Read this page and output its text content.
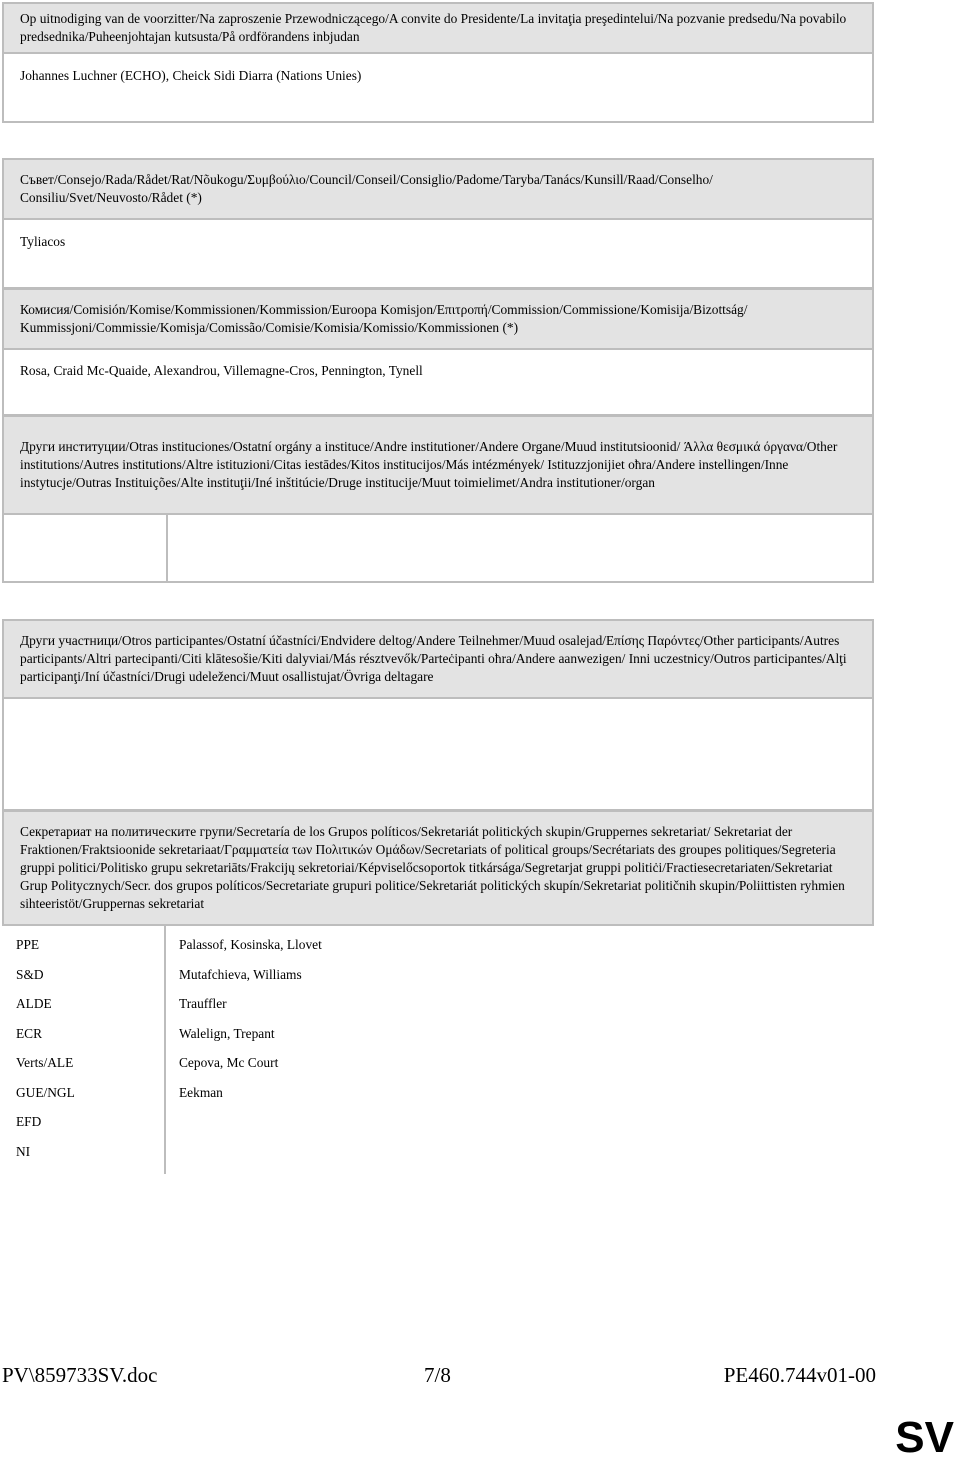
Op uitnodiging van de voorzitter/Na zaproszenie Przewodniczącego/A convite do Presidente/La invitaţia preşedintelui/Na pozvanie predsedu/Na povabilo predsednika/Puheenjohtajan kutsusta/På ordförandens inbjudan
Johannes Luchner (ECHO), Cheick Sidi Diarra (Nations Unies)
Съвет/Consejo/Rada/Rådet/Rat/Nõukogu/Συμβούλιο/Council/Conseil/Consiglio/Padome/Taryba/Tanács/Kunsill/Raad/Conselho/ Consiliu/Svet/Neuvosto/Rådet (*)
Tyliacos
Комисия/Comisión/Komise/Kommissionen/Kommission/Euroopa Komisjon/Επιτροπή/Commission/Commissione/Komisija/Bizottság/ Kummissjoni/Commissie/Komisja/Comissão/Comisie/Komisia/Komissio/Kommissionen (*)
Rosa, Craid Mc-Quaide, Alexandrou, Villemagne-Cros, Pennington, Tynell
Други институции/Otras instituciones/Ostatní orgány a instituce/Andre institutioner/Andere Organe/Muud institutsioonid/ Άλλα θεσμικά όργανα/Other institutions/Autres institutions/Altre istituzioni/Citas iestādes/Kitos institucijos/Más intézmények/ Istituzzjonijiet oħra/Andere instellingen/Inne instytucje/Outras Instituições/Alte instituţii/Iné inštitúcie/Druge institucije/Muut toimielimet/Andra institutioner/organ
Други участници/Otros participantes/Ostatní účastníci/Endvidere deltog/Andere Teilnehmer/Muud osalejad/Επίσης Παρόντες/Other participants/Autres participants/Altri partecipanti/Citi klātesošie/Kiti dalyviai/Más résztvevők/Parteċipanti oħra/Andere aanwezigen/ Inni uczestnicy/Outros participantes/Alţi participanţi/Iní účastníci/Drugi udeleženci/Muut osallistujat/Övriga deltagare
Секретариат на политическите групи/Secretaría de los Grupos políticos/Sekretariát politických skupin/Gruppernes sekretariat/ Sekretariat der Fraktionen/Fraktsioonide sekretariaat/Γραμματεία των Πολιτικών Ομάδων/Secretariats of political groups/Secrétariats des groupes politiques/Segreteria gruppi politici/Politisko grupu sekretariāts/Frakcijų sekretoriai/Képviselőcsoportok titkársága/Segretarjat gruppi politiċi/Fractiesecretariaten/Sekretariat Grup Politycznych/Secr. dos grupos políticos/Secretariate grupuri politice/Sekretariát politických skupín/Sekretariat političnih skupin/Poliittisten ryhmien sihteeristöt/Gruppernas sekretariat
PPE
S&D
ALDE
ECR
Verts/ALE
GUE/NGL
EFD
NI
Palassof, Kosinska, Llovet
Mutafchieva, Williams
Trauffler
Walelign, Trepant
Cepova, Mc Court
Eekman
PV\859733SV.doc	7/8	PE460.744v01-00
SV
